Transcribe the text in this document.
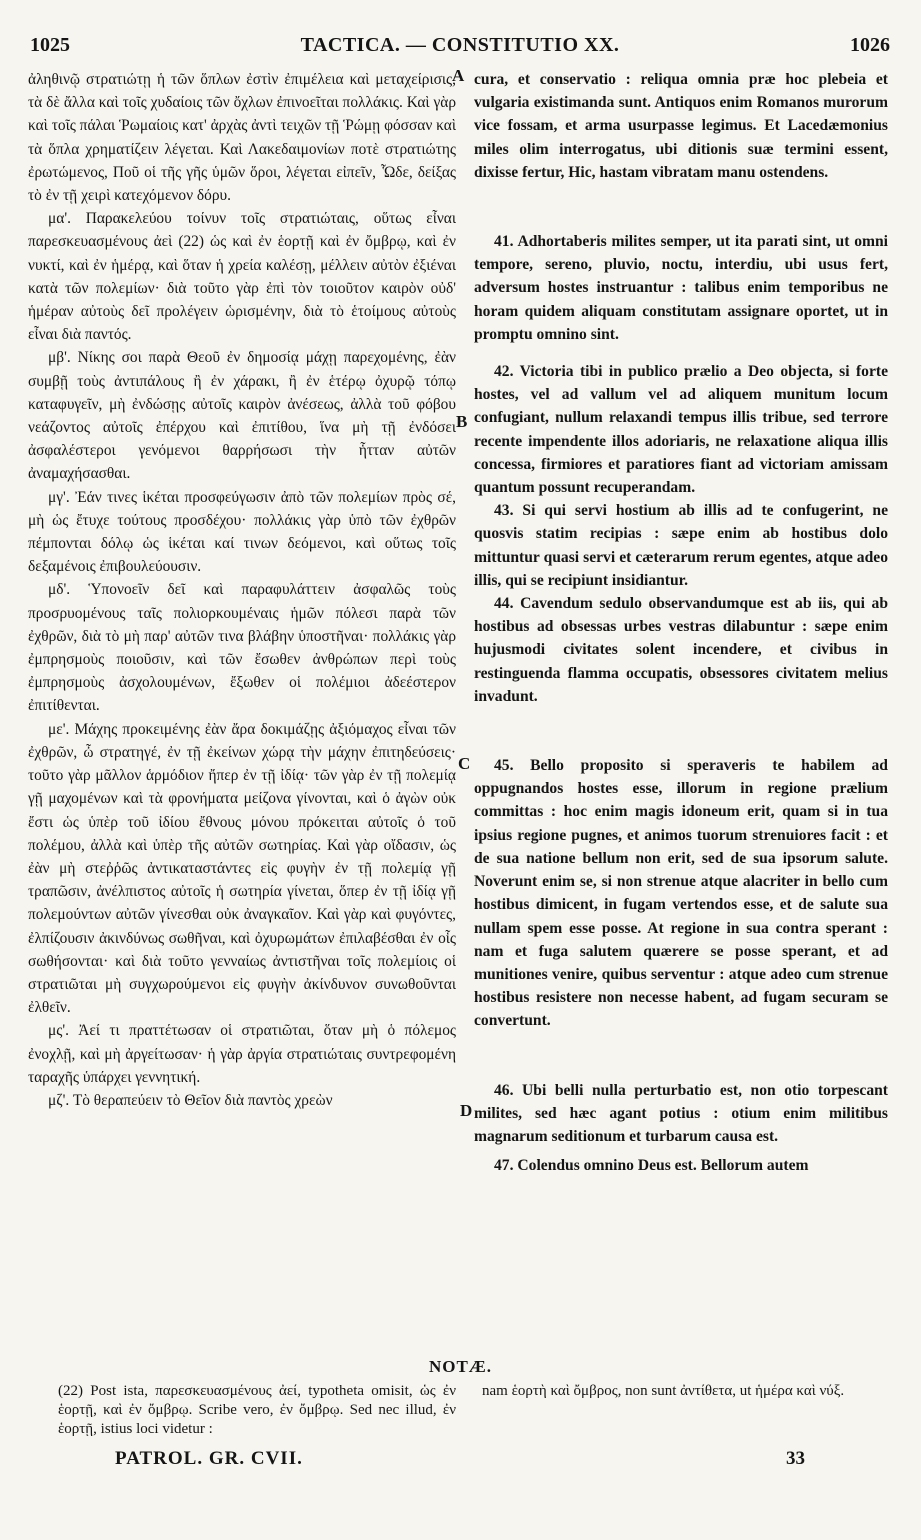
1025	TACTICA. — CONSTITUTIO XX.	1026

ἀληθινῷ στρατιώτῃ ἡ τῶν ὅπλων ἐστὶν ἐπιμέλεια καὶ μεταχείρισις, τὰ δὲ ἄλλα καὶ τοῖς χυδαίοις τῶν ὄχλων ἐπινοεῖται πολλάκις. Καὶ γὰρ καὶ τοῖς πάλαι Ῥωμαίοις κατ' ἀρχὰς ἀντὶ τειχῶν τῇ Ῥώμῃ φόσσαν καὶ τὰ ὅπλα χρηματίζειν λέγεται. Καὶ Λακεδαιμονίων ποτὲ στρατιώτης ἐρωτώμενος, Ποῦ οἱ τῆς γῆς ὑμῶν ὅροι, λέγεται εἰπεῖν, Ὧδε, δείξας τὸ ἐν τῇ χειρὶ κατεχόμενον δόρυ.

μα'. Παρακελεύου τοίνυν τοῖς στρατιώταις, οὕτως εἶναι παρεσκευασμένους ἀεὶ (22) ὡς καὶ ἐν ἑορτῇ καὶ ἐν ὄμβρῳ, καὶ ἐν νυκτί, καὶ ἐν ἡμέρᾳ, καὶ ὅταν ἡ χρεία καλέσῃ, μέλλειν αὐτὸν ἐξιέναι κατὰ τῶν πολεμίων· διὰ τοῦτο γὰρ ἐπὶ τὸν τοιοῦτον καιρὸν οὐδ' ἡμέραν αὐτοὺς δεῖ προλέγειν ὡρισμένην, διὰ τὸ ἑτοίμους αὐτοὺς εἶναι διὰ παντός.

μβ'. Νίκης σοι παρὰ Θεοῦ ἐν δημοσίᾳ μάχῃ παρεχομένης, ἐὰν συμβῇ τοὺς ἀντιπάλους ἢ ἐν χάρακι, ἢ ἐν ἑτέρῳ ὀχυρῷ τόπῳ καταφυγεῖν, μὴ ἐνδώσῃς αὐτοῖς καιρὸν ἀνέσεως, ἀλλὰ τοῦ φόβου νεάζοντος αὐτοῖς ἐπέρχου καὶ ἐπιτίθου, ἵνα μὴ τῇ ἐνδόσει ἀσφαλέστεροι γενόμενοι θαρρήσωσι τὴν ἧτταν αὐτῶν ἀναμαχήσασθαι.

μγ'. Ἐάν τινες ἱκέται προσφεύγωσιν ἀπὸ τῶν πολεμίων πρὸς σέ, μὴ ὡς ἔτυχε τούτους προσδέχου· πολλάκις γὰρ ὑπὸ τῶν ἐχθρῶν πέμπονται δόλῳ ὡς ἱκέται καί τινων δεόμενοι, καὶ οὕτως τοῖς δεξαμένοις ἐπιβουλεύουσιν.

μδ'. Ὑπονοεῖν δεῖ καὶ παραφυλάττειν ἀσφαλῶς τοὺς προσρυομένους ταῖς πολιορκουμέναις ἡμῶν πόλεσι παρὰ τῶν ἐχθρῶν, διὰ τὸ μὴ παρ' αὐτῶν τινα βλάβην ὑποστῆναι· πολλάκις γὰρ ἐμπρησμοὺς ποιοῦσιν, καὶ τῶν ἔσωθεν ἀνθρώπων περὶ τοὺς ἐμπρησμοὺς ἀσχολουμένων, ἔξωθεν οἱ πολέμιοι ἀδεέστερον ἐπιτίθενται.

με'. Μάχης προκειμένης ἐὰν ἄρα δοκιμάζῃς ἀξιόμαχος εἶναι τῶν ἐχθρῶν, ὦ στρατηγέ, ἐν τῇ ἐκείνων χώρᾳ τὴν μάχην ἐπιτηδεύσεις· τοῦτο γὰρ μᾶλλον ἁρμόδιον ἤπερ ἐν τῇ ἰδίᾳ· τῶν γὰρ ἐν τῇ πολεμίᾳ γῇ μαχομένων καὶ τὰ φρονήματα μείζονα γίνονται, καὶ ὁ ἀγὼν οὐκ ἔστι ὡς ὑπὲρ τοῦ ἰδίου ἔθνους μόνου πρόκειται αὐτοῖς ὁ τοῦ πολέμου, ἀλλὰ καὶ ὑπὲρ τῆς αὐτῶν σωτηρίας. Καὶ γὰρ οἴδασιν, ὡς ἐὰν μὴ στεῤῥῶς ἀντικαταστάντες εἰς φυγὴν ἐν τῇ πολεμίᾳ γῇ τραπῶσιν, ἀνέλπιστος αὐτοῖς ἡ σωτηρία γίνεται, ὅπερ ἐν τῇ ἰδίᾳ γῇ πολεμούντων αὐτῶν γίνεσθαι οὐκ ἀναγκαῖον. Καὶ γὰρ καὶ φυγόντες, ἐλπίζουσιν ἀκινδύνως σωθῆναι, καὶ ὀχυρωμάτων ἐπιλαβέσθαι ἐν οἷς σωθήσονται· καὶ διὰ τοῦτο γενναίως ἀντιστῆναι τοῖς πολεμίοις οἱ στρατιῶται μὴ συγχωρούμενοι εἰς φυγὴν ἀκίνδυνον συνωθοῦνται ἐλθεῖν.

μς'. Ἀεί τι πραττέτωσαν οἱ στρατιῶται, ὅταν μὴ ὁ πόλεμος ἐνοχλῇ, καὶ μὴ ἀργείτωσαν· ἡ γὰρ ἀργία στρατιώταις συντρεφομένη ταραχῆς ὑπάρχει γεννητική.

μζ'. Τὸ θεραπεύειν τὸ Θεῖον διὰ παντὸς χρεὼν

A
B
C
D

cura, et conservatio : reliqua omnia præ hoc plebeia et vulgaria existimanda sunt. Antiquos enim Romanos murorum vice fossam, et arma usurpasse legimus. Et Lacedæmonius miles olim interrogatus, ubi ditionis suæ termini essent, dixisse fertur, Hic, hastam vibratam manu ostendens.

41. Adhortaberis milites semper, ut ita parati sint, ut omni tempore, sereno, pluvio, noctu, interdiu, ubi usus fert, adversum hostes instruantur : talibus enim temporibus ne horam quidem aliquam constitutam assignare oportet, ut in promptu omnino sint.

42. Victoria tibi in publico prælio a Deo objecta, si forte hostes, vel ad vallum vel ad aliquem munitum locum confugiant, nullum relaxandi tempus illis tribue, sed terrore recente impendente illos adoriaris, ne relaxatione aliqua illis concessa, firmiores et paratiores fiant ad victoriam amissam quantum possunt recuperandam.

43. Si qui servi hostium ab illis ad te confugerint, ne quosvis statim recipias : sæpe enim ab hostibus dolo mittuntur quasi servi et cæterarum rerum egentes, atque adeo illis, qui se recipiunt insidiantur.

44. Cavendum sedulo observandumque est ab iis, qui ab hostibus ad obsessas urbes vestras dilabuntur : sæpe enim hujusmodi civitates solent incendere, et civibus in restinguenda flamma occupatis, obsessores civitatem melius invadunt.

45. Bello proposito si speraveris te habilem ad oppugnandos hostes esse, illorum in regione prælium committas : hoc enim magis idoneum erit, quam si in tua ipsius regione pugnes, et animos tuorum strenuiores facit : et de sua natione bellum non erit, sed de sua ipsorum salute. Noverunt enim se, si non strenue atque alacriter in bello cum hostibus dimicent, in fugam vertendos esse, et de salute sua nullam spem esse posse. At regione in sua contra sperant : nam et fuga salutem quærere se posse sperant, et ad munitiones venire, quibus serventur : atque adeo cum strenue hostibus resistere non necesse habent, ad fugam securam se convertunt.

46. Ubi belli nulla perturbatio est, non otio torpescant milites, sed hæc agant potius : otium enim militibus magnarum seditionum et turbarum causa est.

47. Colendus omnino Deus est. Bellorum autem

NOTÆ.
(22) Post ista, παρεσκευασμένους ἀεί, typotheta omisit, ὡς ἐν ἑορτῇ, καὶ ἐν ὄμβρῳ. Scribe vero, ἐν ὄμβρῳ. Sed nec illud, ἐν ἑορτῇ, istius loci videtur :
nam ἑορτὴ καὶ ὄμβρος, non sunt ἀντίθετα, ut ἡμέρα καὶ νύξ.
PATROL. GR. CVII.	33
